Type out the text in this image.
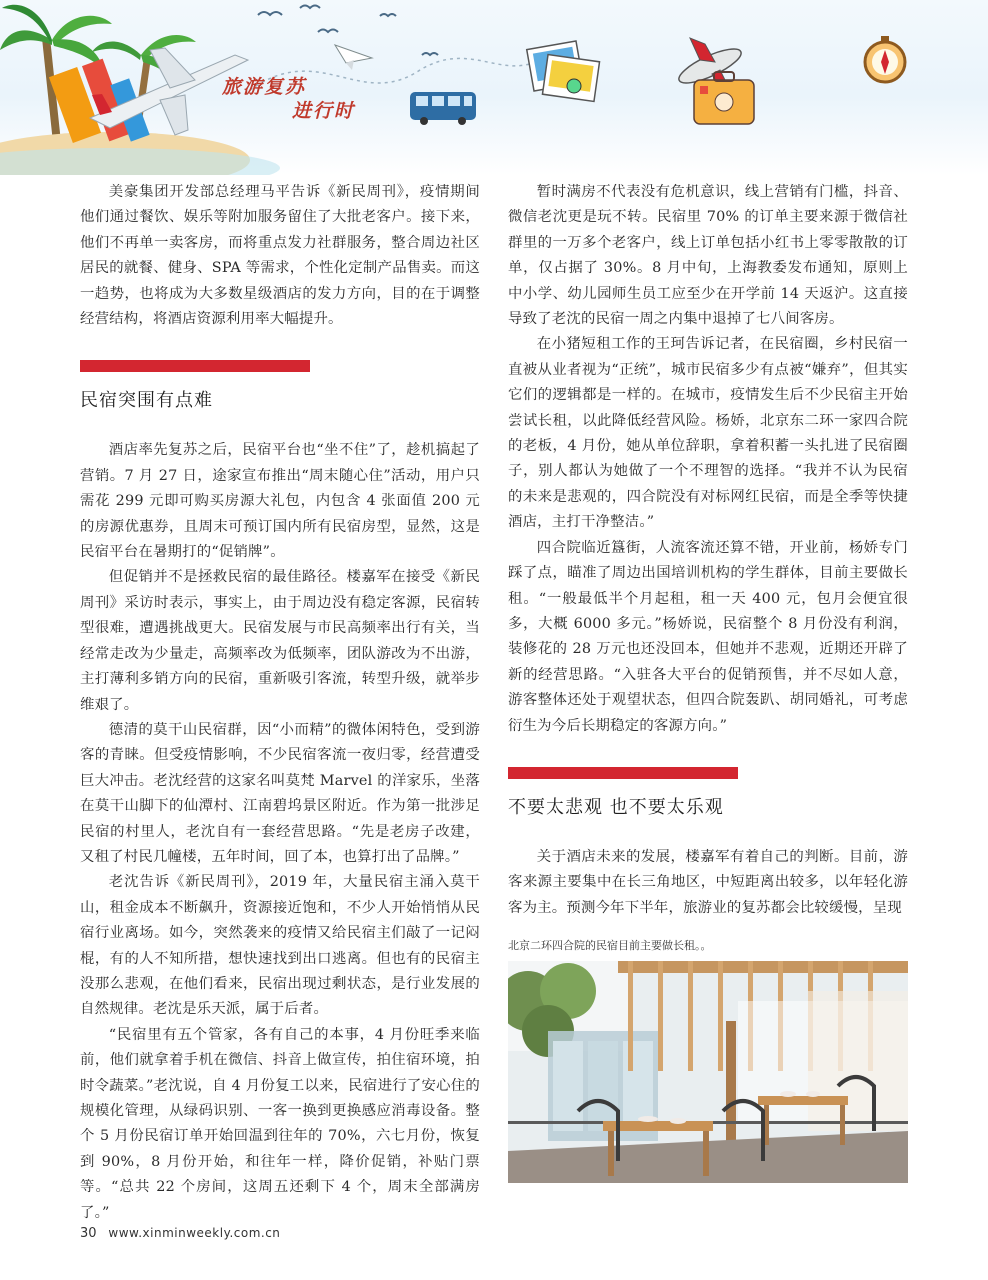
旅游复苏
进行时

美豪集团开发部总经理马平告诉《新民周刊》，疫情期间他们通过餐饮、娱乐等附加服务留住了大批老客户。接下来，他们不再单一卖客房，而将重点发力社群服务，整合周边社区居民的就餐、健身、SPA 等需求，个性化定制产品售卖。而这一趋势，也将成为大多数星级酒店的发力方向，目的在于调整经营结构，将酒店资源利用率大幅提升。

民宿突围有点难

酒店率先复苏之后，民宿平台也“坐不住”了，趁机搞起了营销。7 月 27 日，途家宣布推出“周末随心住”活动，用户只需花 299 元即可购买房源大礼包，内包含 4 张面值 200 元的房源优惠券，且周末可预订国内所有民宿房型，显然，这是民宿平台在暑期打的“促销牌”。

但促销并不是拯救民宿的最佳路径。楼嘉军在接受《新民周刊》采访时表示，事实上，由于周边没有稳定客源，民宿转型很难，遭遇挑战更大。民宿发展与市民高频率出行有关，当经常走改为少量走，高频率改为低频率，团队游改为不出游，主打薄利多销方向的民宿，重新吸引客流，转型升级，就举步维艰了。

德清的莫干山民宿群，因“小而精”的微体闲特色，受到游客的青睐。但受疫情影响，不少民宿客流一夜归零，经营遭受巨大冲击。老沈经营的这家名叫莫梵 Marvel 的洋家乐，坐落在莫干山脚下的仙潭村、江南碧坞景区附近。作为第一批涉足民宿的村里人，老沈自有一套经营思路。“先是老房子改建，又租了村民几幢楼，五年时间，回了本，也算打出了品牌。”

老沈告诉《新民周刊》，2019 年，大量民宿主涌入莫干山，租金成本不断飙升，资源接近饱和，不少人开始悄悄从民宿行业离场。如今，突然袭来的疫情又给民宿主们敲了一记闷棍，有的人不知所措，想快速找到出口逃离。但也有的民宿主没那么悲观，在他们看来，民宿出现过剩状态，是行业发展的自然规律。老沈是乐天派，属于后者。

“民宿里有五个管家，各有自己的本事，4 月份旺季来临前，他们就拿着手机在微信、抖音上做宣传，拍住宿环境，拍时令蔬菜。”老沈说，自 4 月份复工以来，民宿进行了安心住的规模化管理，从绿码识别、一客一换到更换感应消毒设备。整个 5 月份民宿订单开始回温到往年的 70%，六七月份，恢复到 90%，8 月份开始，和往年一样，降价促销，补贴门票等。“总共 22 个房间，这周五还剩下 4 个，周末全部满房了。”

暂时满房不代表没有危机意识，线上营销有门槛，抖音、微信老沈更是玩不转。民宿里 70% 的订单主要来源于微信社群里的一万多个老客户，线上订单包括小红书上零零散散的订单，仅占据了 30%。8 月中旬，上海教委发布通知，原则上中小学、幼儿园师生员工应至少在开学前 14 天返沪。这直接导致了老沈的民宿一周之内集中退掉了七八间客房。

在小猪短租工作的王珂告诉记者，在民宿圈，乡村民宿一直被从业者视为“正统”，城市民宿多少有点被“嫌弃”，但其实它们的逻辑都是一样的。在城市，疫情发生后不少民宿主开始尝试长租，以此降低经营风险。杨娇，北京东二环一家四合院的老板，4 月份，她从单位辞职，拿着积蓄一头扎进了民宿圈子，别人都认为她做了一个不理智的选择。“我并不认为民宿的未来是悲观的，四合院没有对标网红民宿，而是全季等快捷酒店，主打干净整洁。”

四合院临近簋街，人流客流还算不错，开业前，杨娇专门踩了点，瞄准了周边出国培训机构的学生群体，目前主要做长租。“一般最低半个月起租，租一天 400 元，包月会便宜很多，大概 6000 多元。”杨娇说，民宿整个 8 月份没有利润，装修花的 28 万元也还没回本，但她并不悲观，近期还开辟了新的经营思路。“入驻各大平台的促销预售，并不尽如人意，游客整体还处于观望状态，但四合院轰趴、胡同婚礼，可考虑衍生为今后长期稳定的客源方向。”

不要太悲观 也不要太乐观

关于酒店未来的发展，楼嘉军有着自己的判断。目前，游客来源主要集中在长三角地区，中短距离出较多，以年轻化游客为主。预测今年下半年，旅游业的复苏都会比较缓慢，呈现

北京二环四合院的民宿目前主要做长租。。
30 www.xinminweekly.com.cn
